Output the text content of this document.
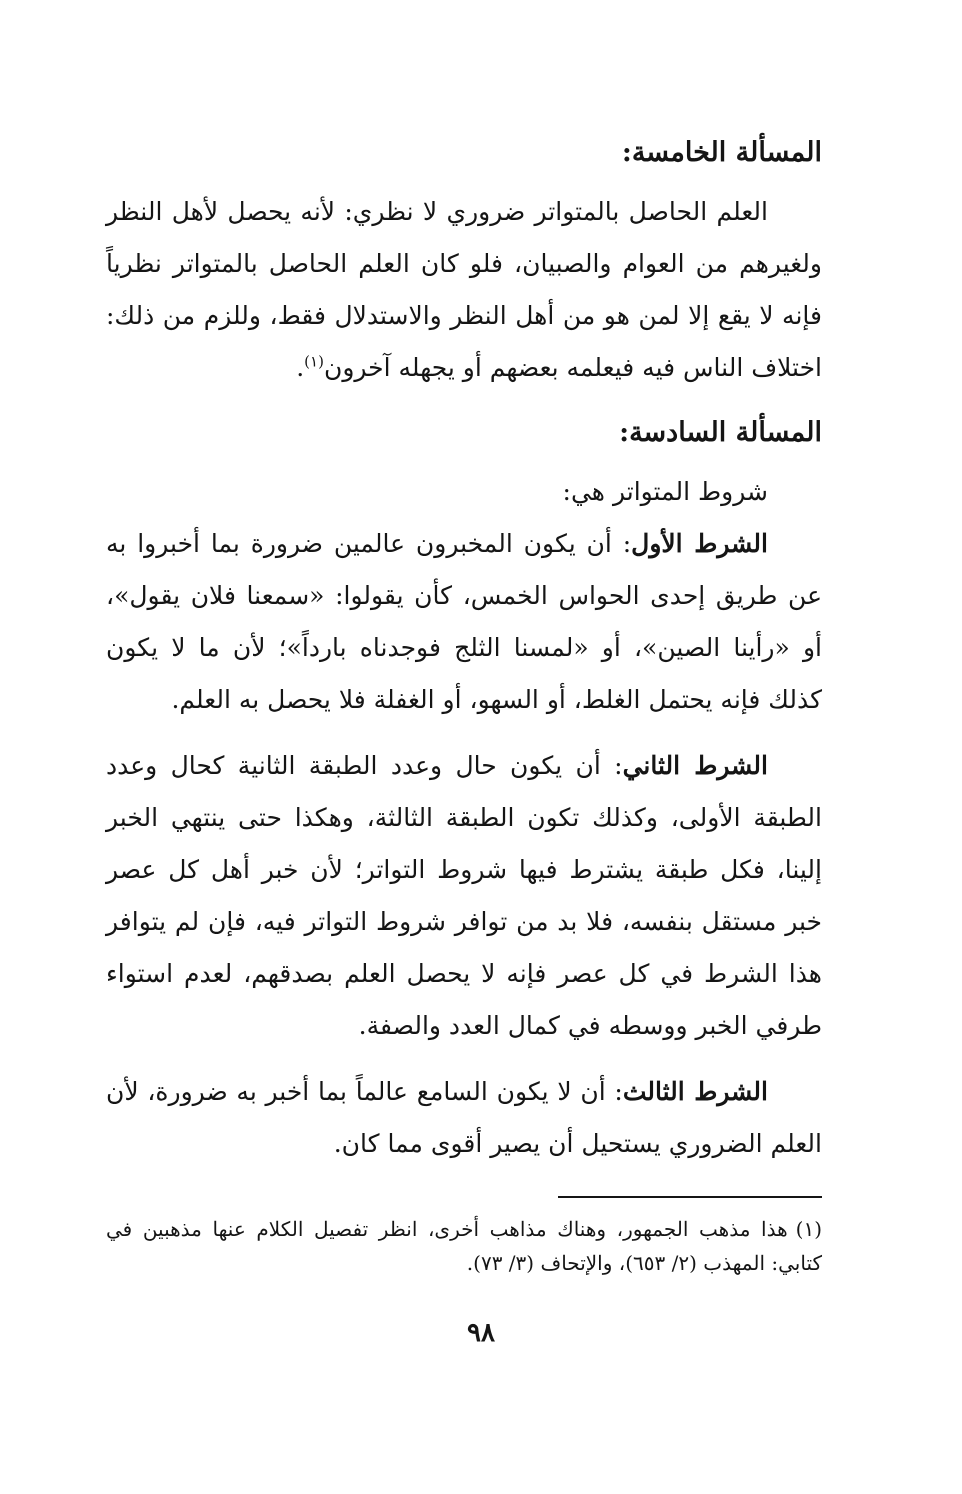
المسألة الخامسة:

العلم الحاصل بالمتواتر ضروري لا نظري: لأنه يحصل لأهل النظر ولغيرهم من العوام والصبيان، فلو كان العلم الحاصل بالمتواتر نظرياً فإنه لا يقع إلا لمن هو من أهل النظر والاستدلال فقط، وللزم من ذلك: اختلاف الناس فيه فيعلمه بعضهم أو يجهله آخرون$^{(١)}$.

المسألة السادسة:

شروط المتواتر هي:

الشرط الأول: أن يكون المخبرون عالمين ضرورة بما أخبروا به عن طريق إحدى الحواس الخمس، كأن يقولوا: «سمعنا فلان يقول»، أو «رأينا الصين»، أو «لمسنا الثلج فوجدناه بارداً»؛ لأن ما لا يكون كذلك فإنه يحتمل الغلط، أو السهو، أو الغفلة فلا يحصل به العلم.

الشرط الثاني: أن يكون حال وعدد الطبقة الثانية كحال وعدد الطبقة الأولى، وكذلك تكون الطبقة الثالثة، وهكذا حتى ينتهي الخبر إلينا، فكل طبقة يشترط فيها شروط التواتر؛ لأن خبر أهل كل عصر خبر مستقل بنفسه، فلا بد من توافر شروط التواتر فيه، فإن لم يتوافر هذا الشرط في كل عصر فإنه لا يحصل العلم بصدقهم، لعدم استواء طرفي الخبر ووسطه في كمال العدد والصفة.

الشرط الثالث: أن لا يكون السامع عالماً بما أخبر به ضرورة، لأن العلم الضروري يستحيل أن يصير أقوى مما كان.

(١)هذا مذهب الجمهور، وهناك مذاهب أخرى، انظر تفصيل الكلام عنها مذهبين في كتابي: المهذب (٢/ ٦٥٣)، والإتحاف (٣/ ٧٣).
٩٨
